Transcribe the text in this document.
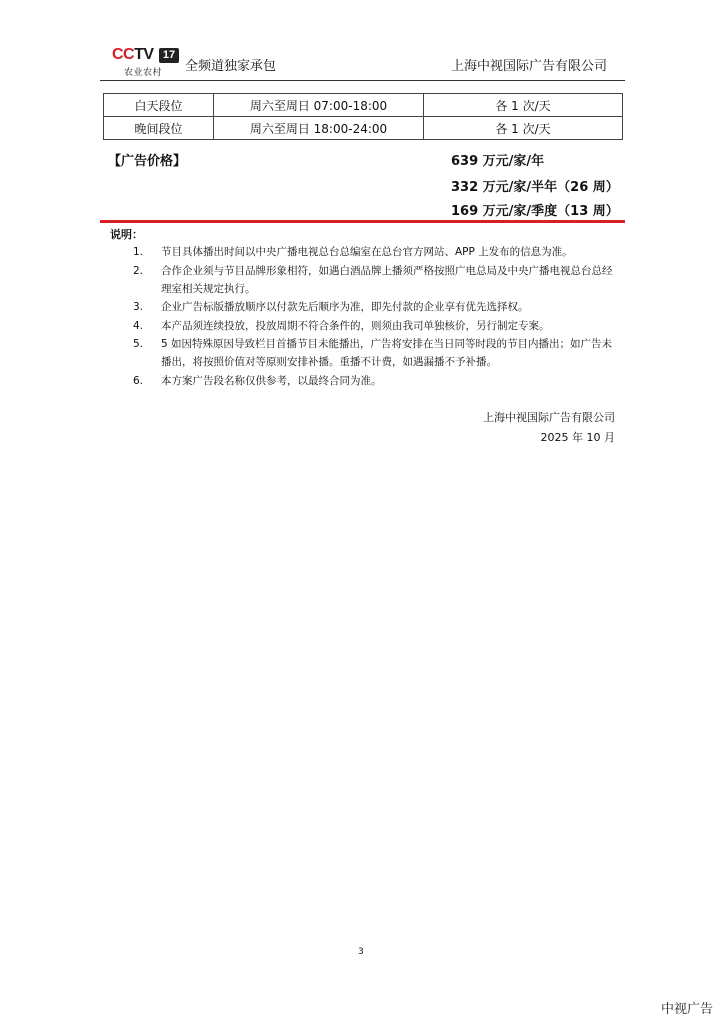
CCTV 17
农业农村 全频道独家承包	上海中视国际广告有限公司
白天段位	周六至周日 07:00-18:00	各 1 次/天
晚间段位	周六至周日 18:00-24:00	各 1 次/天
【广告价格】	639 万元/家/年
332 万元/家/半年（26 周）
169 万元/家/季度（13 周）
说明：
1.	节目具体播出时间以中央广播电视总台总编室在总台官方网站、APP 上发布的信息为准。
2.	合作企业须与节目品牌形象相符，如遇白酒品牌上播须严格按照广电总局及中央广播电视总台总经理室相关规定执行。
3.	企业广告标版播放顺序以付款先后顺序为准，即先付款的企业享有优先选择权。
4.	本产品须连续投放，投放周期不符合条件的，则须由我司单独核价，另行制定专案。
5.	5 如因特殊原因导致栏目首播节目未能播出，广告将安排在当日同等时段的节目内播出；如广告未播出，将按照价值对等原则安排补播。重播不计费，如遇漏播不予补播。
6.	本方案广告段名称仅供参考，以最终合同为准。
上海中视国际广告有限公司
2025 年 10 月
3
中视广告
